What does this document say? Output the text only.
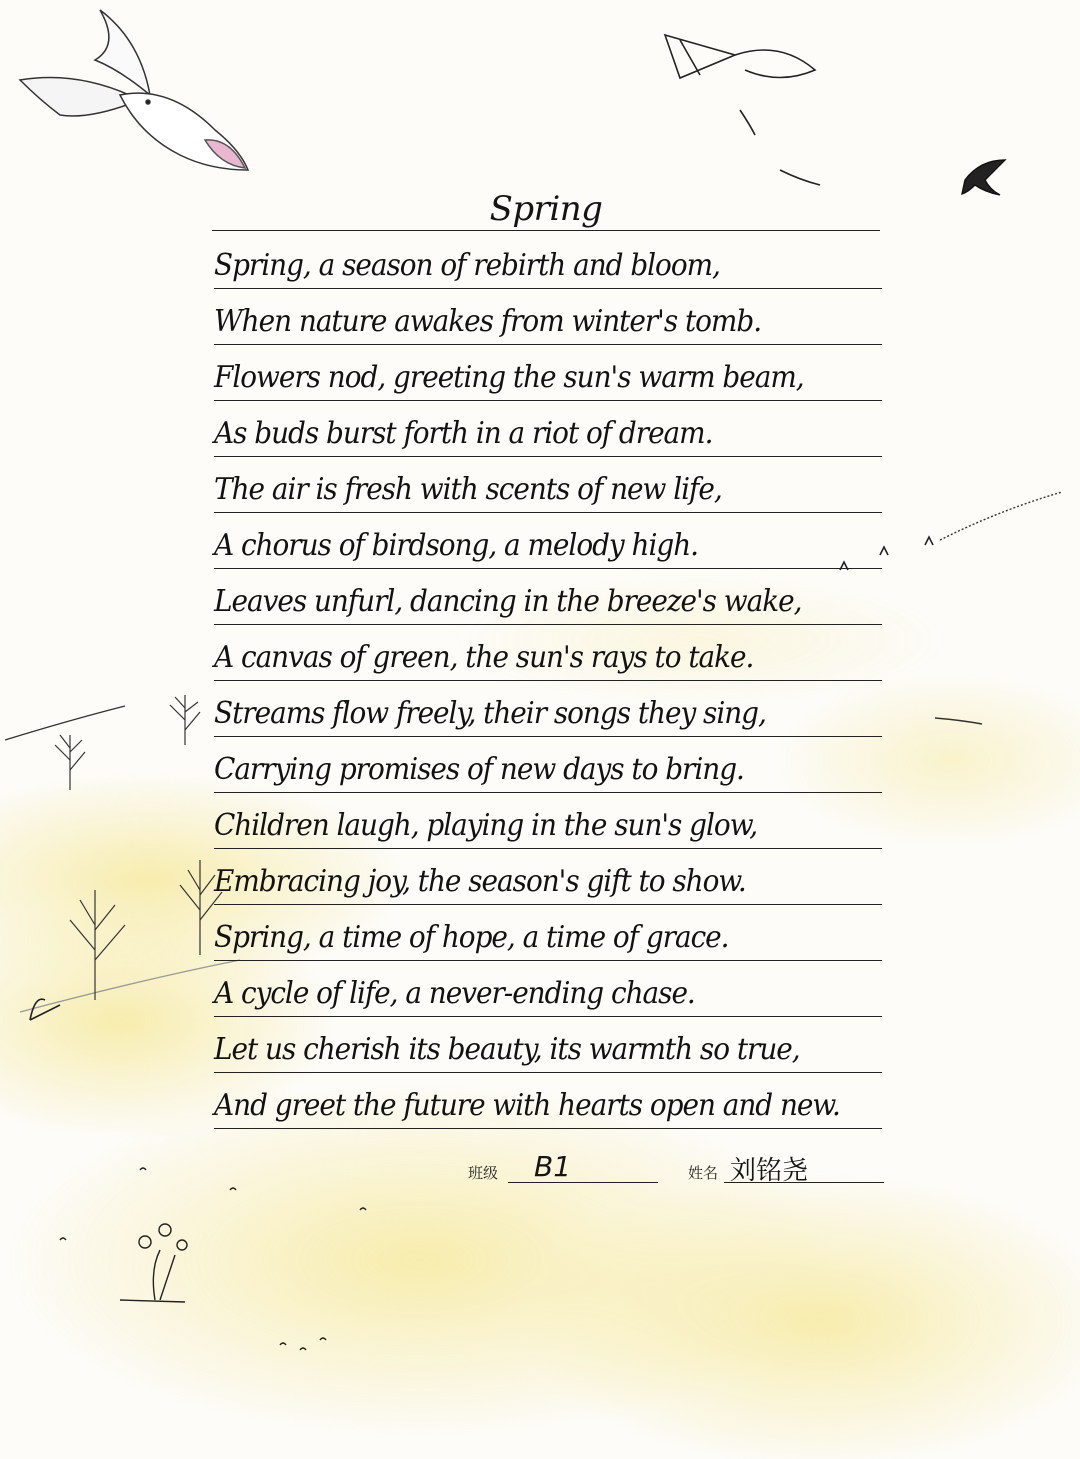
Spring
Spring, a season of rebirth and bloom,
When nature awakes from winter's tomb.
Flowers nod, greeting the sun's warm beam,
As buds burst forth in a riot of dream.
The air is fresh with scents of new life,
A chorus of birdsong, a melody high.
Leaves unfurl, dancing in the breeze's wake,
A canvas of green, the sun's rays to take.
Streams flow freely, their songs they sing,
Carrying promises of new days to bring.
Children laugh, playing in the sun's glow,
Embracing joy, the season's gift to show.
Spring, a time of hope, a time of grace.
A cycle of life, a never-ending chase.
Let us cherish its beauty, its warmth so true,
And greet the future with hearts open and new.
班级 B1	姓名 刘铭尧
